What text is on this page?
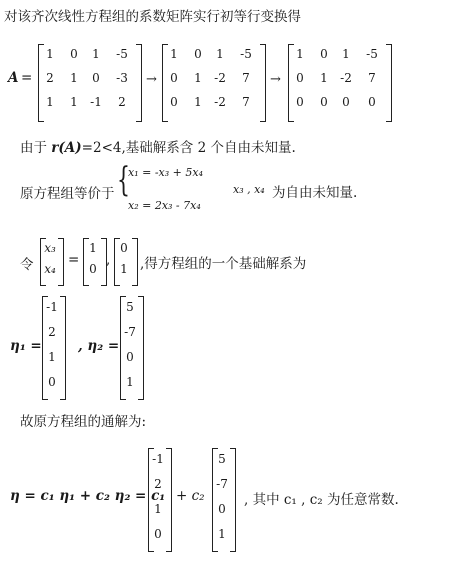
对该齐次线性方程组的系数矩阵实行初等行变换得
A =
1	0	1	-5
2	1	0	-3
1	1	-1	2
→
1	0	1	-5
0	1	-2	7
0	1	-2	7
→
1	0	1	-5
0	1	-2	7
0	0	0	0
由于 r(A)=2<4,基础解系含 2 个自由未知量.
原方程组等价于 {
x₁ = -x₃ + 5x₄
x₂ = 2x₃ - 7x₄
x₃ , x₄ 为自由未知量.
令
x₃
x₄
=
1
0
,
0
1 ,得方程组的一个基础解系为
η₁ =	, η₂ =
-1
2
1
0
5
-7
0
1
故原方程组的通解为:
η = c₁ η₁ + c₂ η₂ = c₁ + c₂	, 其中 c₁ , c₂ 为任意常数.
-1
2
1
0
5
-7
0
1
